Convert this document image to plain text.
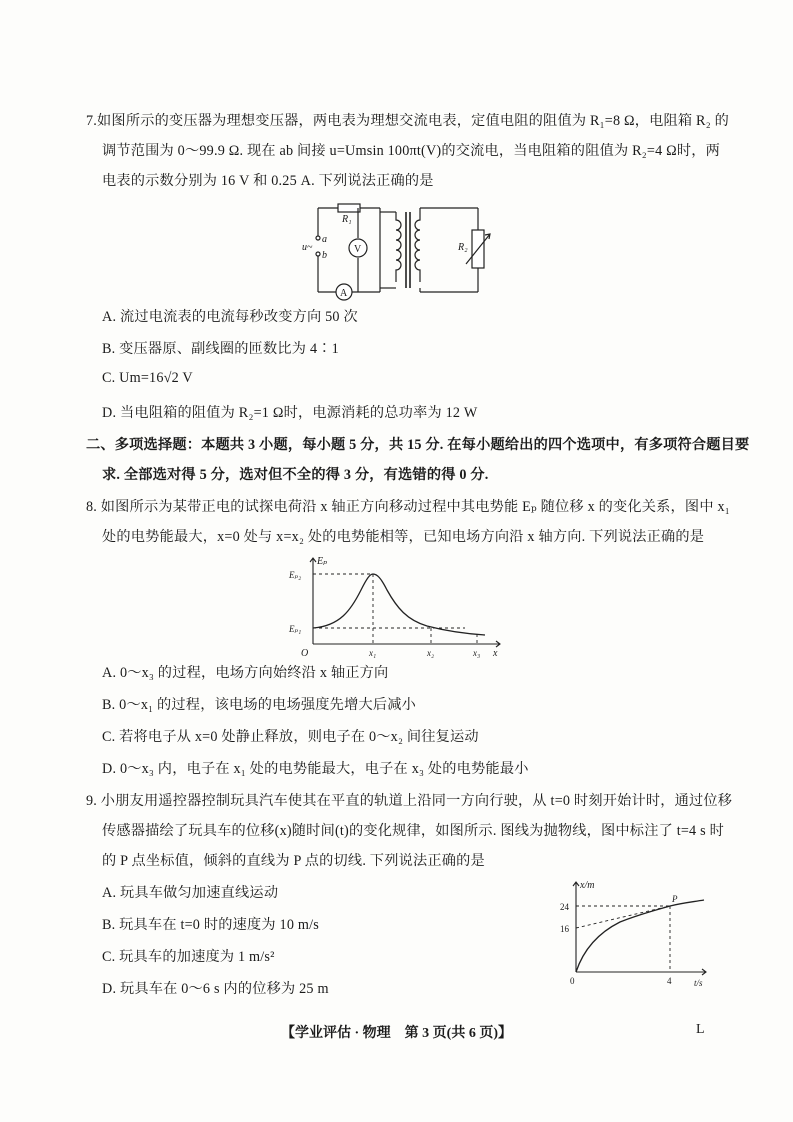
7.如图所示的变压器为理想变压器，两电表为理想交流电表，定值电阻的阻值为 R₁=8 Ω，电阻箱 R₂ 的
调节范围为 0～99.9 Ω. 现在 ab 间接 u=Umsin 100πt(V)的交流电，当电阻箱的阻值为 R₂=4 Ω时，两
电表的示数分别为 16 V 和 0.25 A. 下列说法正确的是
R₁
a
u~
b
V
A
R₂
A. 流过电流表的电流每秒改变方向 50 次
B. 变压器原、副线圈的匝数比为 4∶1
C. Um=16√2 V
D. 当电阻箱的阻值为 R₂=1 Ω时，电源消耗的总功率为 12 W
二、多项选择题：本题共 3 小题，每小题 5 分，共 15 分. 在每小题给出的四个选项中，有多项符合题目要
求. 全部选对得 5 分，选对但不全的得 3 分，有选错的得 0 分.
8. 如图所示为某带正电的试探电荷沿 x 轴正方向移动过程中其电势能 Eₚ 随位移 x 的变化关系，图中 x₁
处的电势能最大，x=0 处与 x=x₂ 处的电势能相等，已知电场方向沿 x 轴方向. 下列说法正确的是
Eₚ
Eₚ₂
Eₚ₁
O	x₁	x₂	x₃ x
A. 0～x₃ 的过程，电场方向始终沿 x 轴正方向
B. 0～x₁ 的过程，该电场的电场强度先增大后减小
C. 若将电子从 x=0 处静止释放，则电子在 0～x₂ 间往复运动
D. 0～x₃ 内，电子在 x₁ 处的电势能最大，电子在 x₃ 处的电势能最小
9. 小朋友用遥控器控制玩具汽车使其在平直的轨道上沿同一方向行驶，从 t=0 时刻开始计时，通过位移
传感器描绘了玩具车的位移(x)随时间(t)的变化规律，如图所示. 图线为抛物线，图中标注了 t=4 s 时
的 P 点坐标值，倾斜的直线为 P 点的切线. 下列说法正确的是
A. 玩具车做匀加速直线运动
B. 玩具车在 t=0 时的速度为 10 m/s
C. 玩具车的加速度为 1 m/s²
D. 玩具车在 0～6 s 内的位移为 25 m
x/m
24
16
0	4	t/s
P
【学业评估 · 物理　第 3 页(共 6 页)】	L
